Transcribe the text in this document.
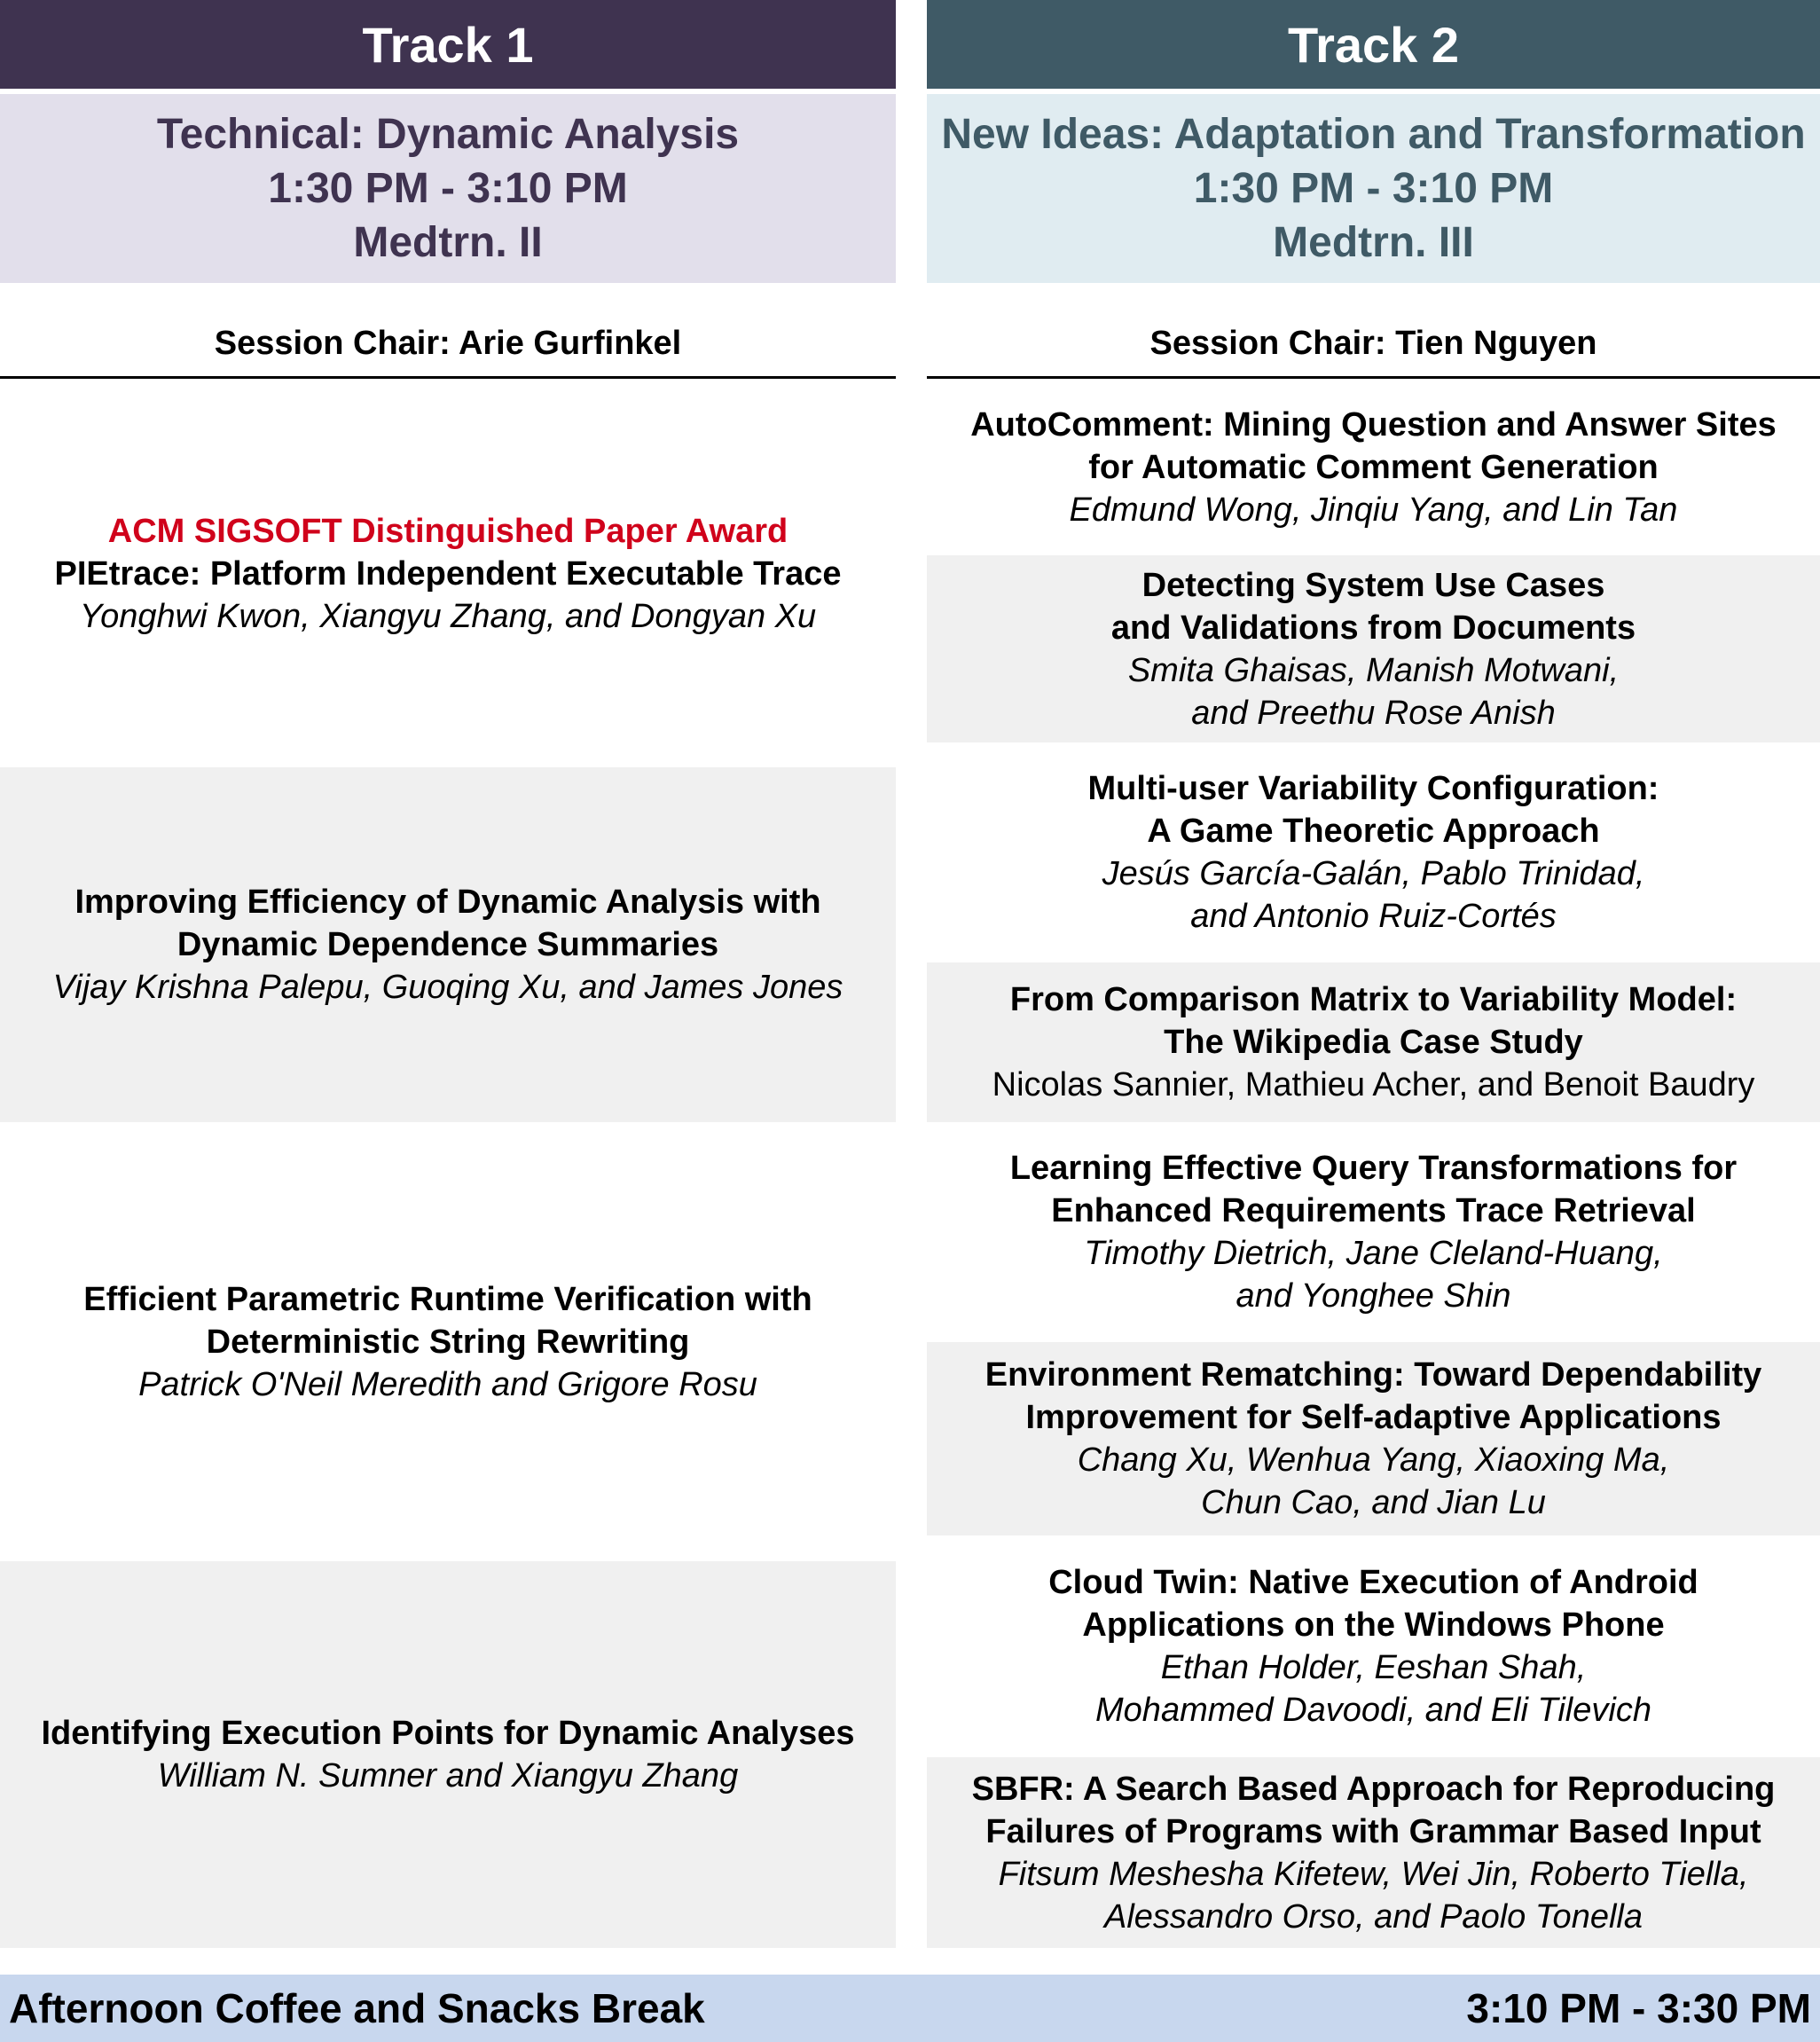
Track 1
Technical: Dynamic Analysis
1:30 PM - 3:10 PM
Medtrn. II
Session Chair: Arie Gurfinkel
ACM SIGSOFT Distinguished Paper Award
PIEtrace: Platform Independent Executable Trace
Yonghwi Kwon, Xiangyu Zhang, and Dongyan Xu
Improving Efficiency of Dynamic Analysis with
Dynamic Dependence Summaries
Vijay Krishna Palepu, Guoqing Xu, and James Jones
Efficient Parametric Runtime Verification with
Deterministic String Rewriting
Patrick O'Neil Meredith and Grigore Rosu
Identifying Execution Points for Dynamic Analyses
William N. Sumner and Xiangyu Zhang
Track 2
New Ideas: Adaptation and Transformation
1:30 PM - 3:10 PM
Medtrn. III
Session Chair: Tien Nguyen
AutoComment: Mining Question and Answer Sites
for Automatic Comment Generation
Edmund Wong, Jinqiu Yang, and Lin Tan
Detecting System Use Cases
and Validations from Documents
Smita Ghaisas, Manish Motwani,
and Preethu Rose Anish
Multi-user Variability Configuration:
A Game Theoretic Approach
Jesús García-Galán, Pablo Trinidad,
and Antonio Ruiz-Cortés
From Comparison Matrix to Variability Model:
The Wikipedia Case Study
Nicolas Sannier, Mathieu Acher, and Benoit Baudry
Learning Effective Query Transformations for
Enhanced Requirements Trace Retrieval
Timothy Dietrich, Jane Cleland-Huang,
and Yonghee Shin
Environment Rematching: Toward Dependability
Improvement for Self-adaptive Applications
Chang Xu, Wenhua Yang, Xiaoxing Ma,
Chun Cao, and Jian Lu
Cloud Twin: Native Execution of Android
Applications on the Windows Phone
Ethan Holder, Eeshan Shah,
Mohammed Davoodi, and Eli Tilevich
SBFR: A Search Based Approach for Reproducing
Failures of Programs with Grammar Based Input
Fitsum Meshesha Kifetew, Wei Jin, Roberto Tiella,
Alessandro Orso, and Paolo Tonella
Afternoon Coffee and Snacks Break	3:10 PM - 3:30 PM
